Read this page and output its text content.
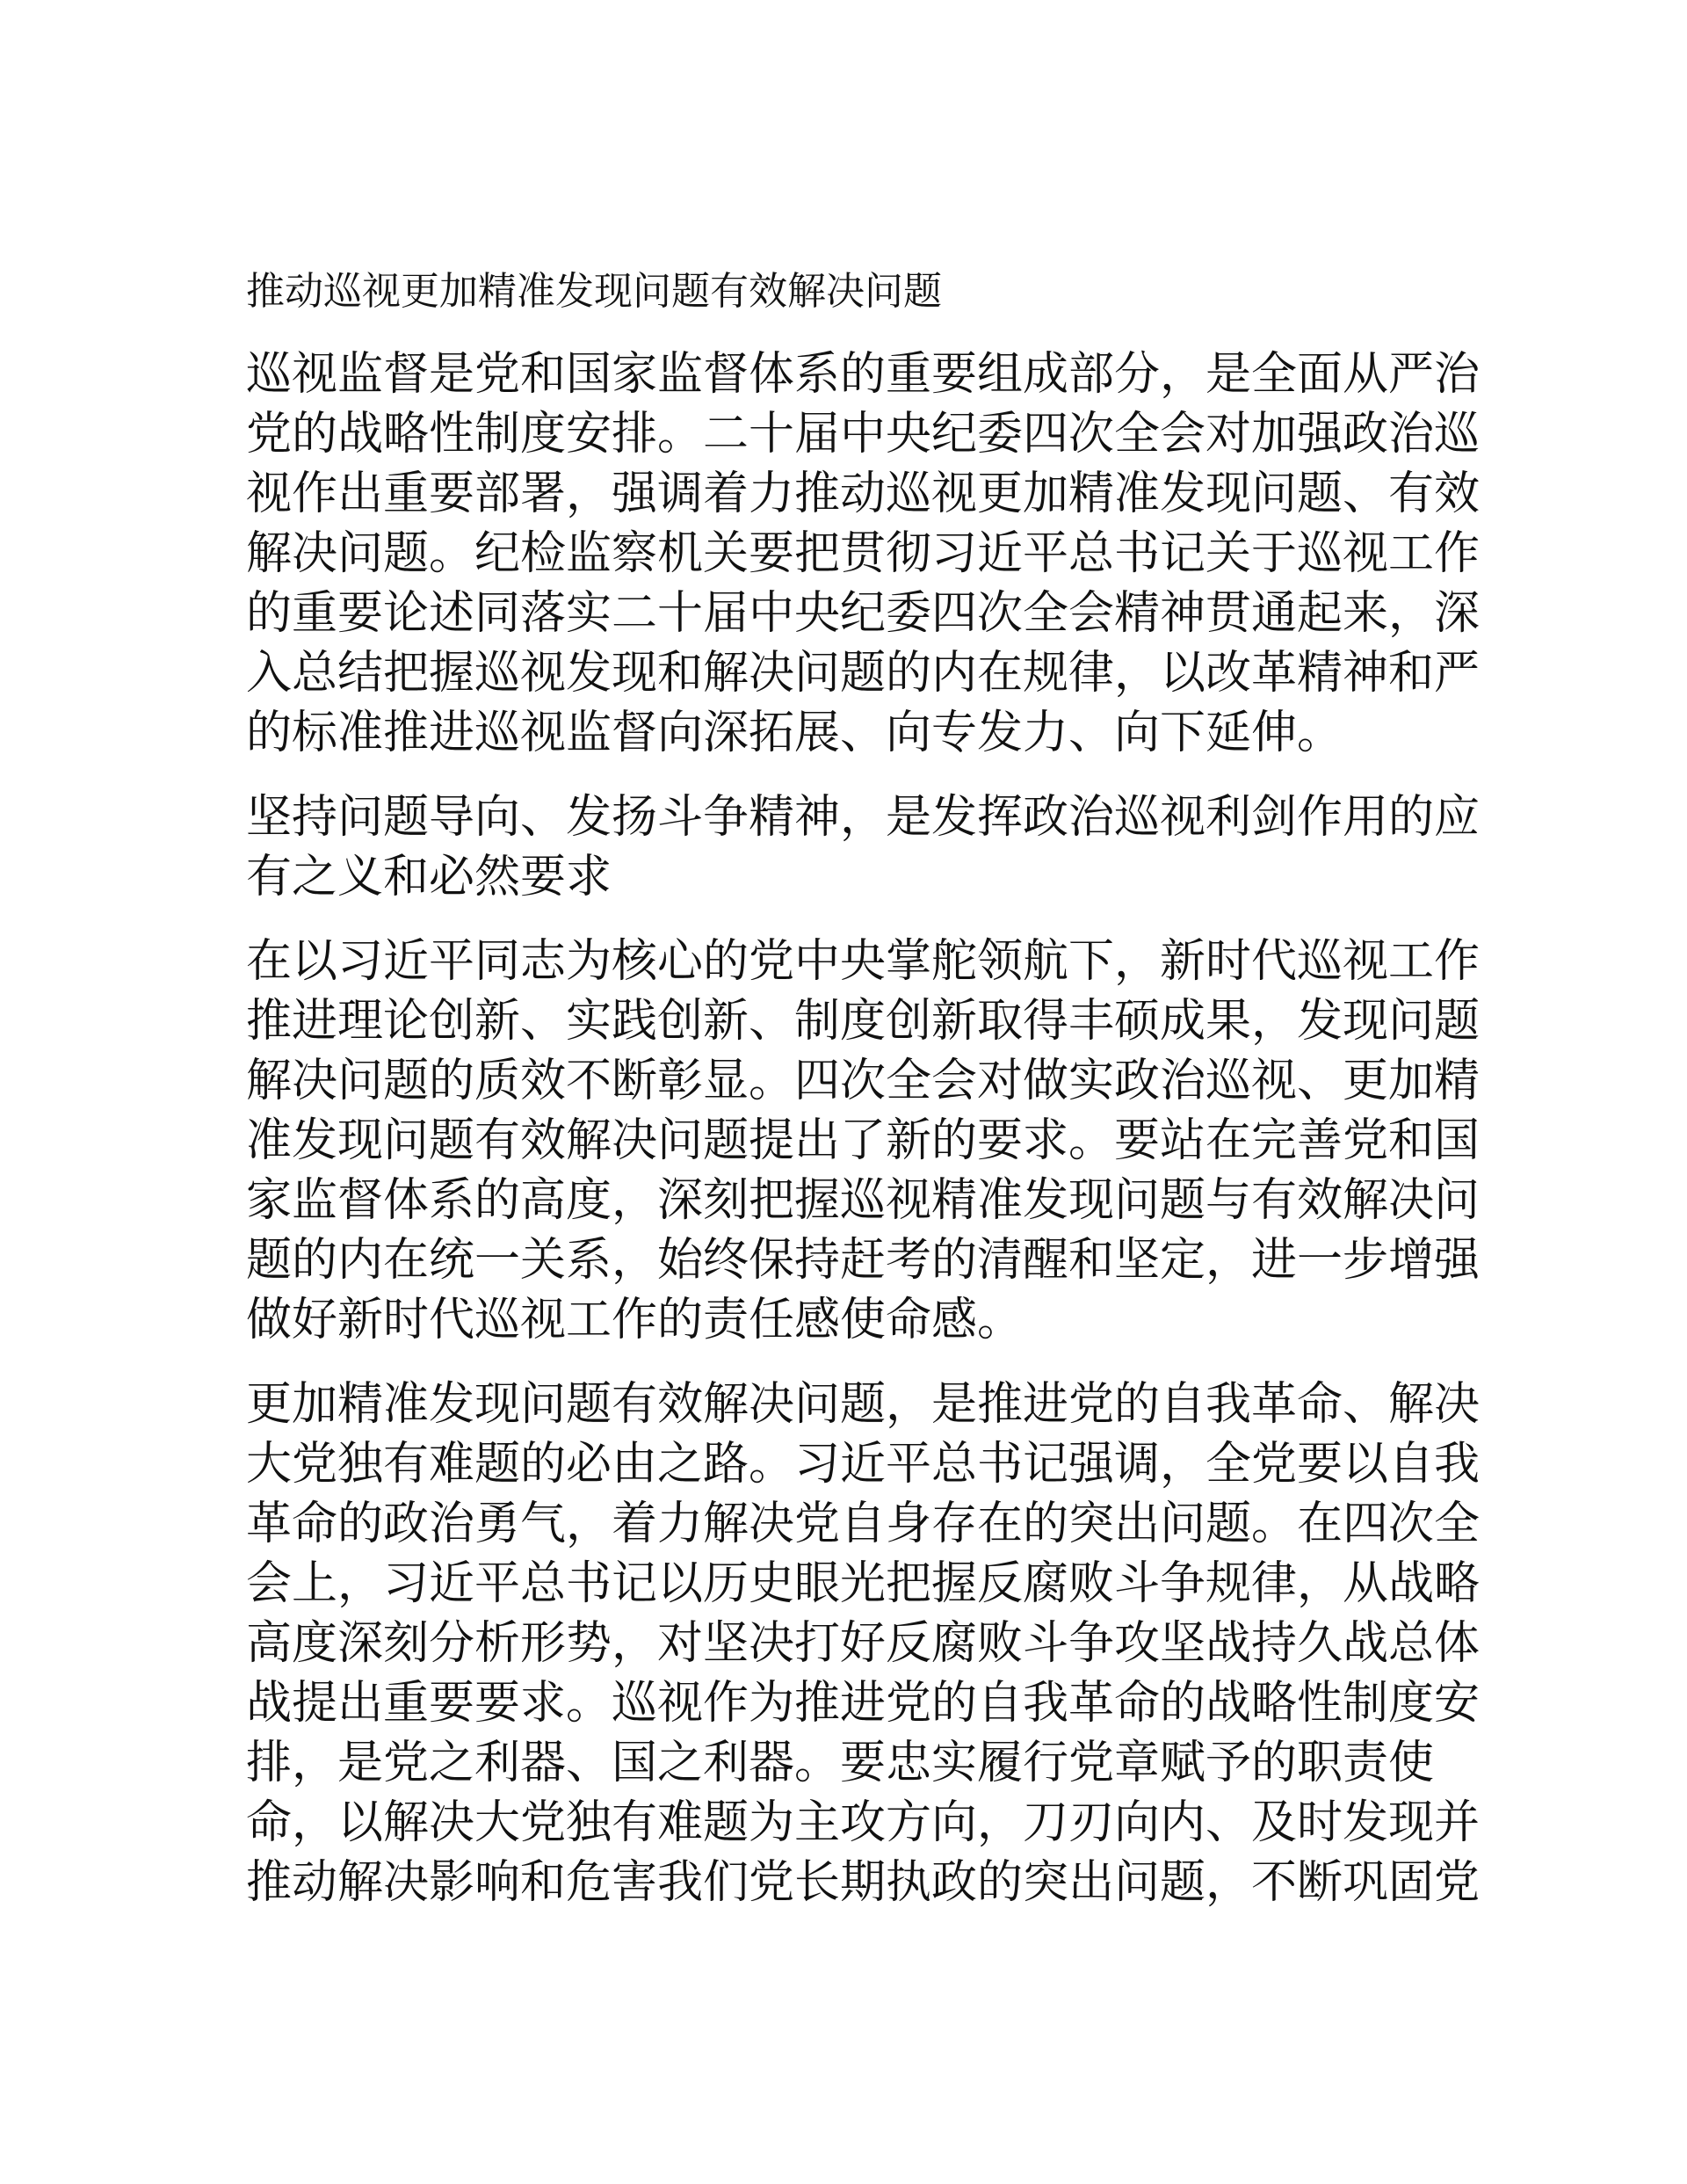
推动巡视更加精准发现问题有效解决问题

巡视监督是党和国家监督体系的重要组成部分，是全面从严治
党的战略性制度安排。二十届中央纪委四次全会对加强政治巡
视作出重要部署，强调着力推动巡视更加精准发现问题、有效
解决问题。纪检监察机关要把贯彻习近平总书记关于巡视工作
的重要论述同落实二十届中央纪委四次全会精神贯通起来，深
入总结把握巡视发现和解决问题的内在规律，以改革精神和严
的标准推进巡视监督向深拓展、向专发力、向下延伸。

坚持问题导向、发扬斗争精神，是发挥政治巡视利剑作用的应
有之义和必然要求

在以习近平同志为核心的党中央掌舵领航下，新时代巡视工作
推进理论创新、实践创新、制度创新取得丰硕成果，发现问题
解决问题的质效不断彰显。四次全会对做实政治巡视、更加精
准发现问题有效解决问题提出了新的要求。要站在完善党和国
家监督体系的高度，深刻把握巡视精准发现问题与有效解决问
题的内在统一关系，始终保持赶考的清醒和坚定，进一步增强
做好新时代巡视工作的责任感使命感。

更加精准发现问题有效解决问题，是推进党的自我革命、解决
大党独有难题的必由之路。习近平总书记强调，全党要以自我
革命的政治勇气，着力解决党自身存在的突出问题。在四次全
会上，习近平总书记以历史眼光把握反腐败斗争规律，从战略
高度深刻分析形势，对坚决打好反腐败斗争攻坚战持久战总体
战提出重要要求。巡视作为推进党的自我革命的战略性制度安
排，是党之利器、国之利器。要忠实履行党章赋予的职责使
命，以解决大党独有难题为主攻方向，刀刃向内、及时发现并
推动解决影响和危害我们党长期执政的突出问题，不断巩固党
